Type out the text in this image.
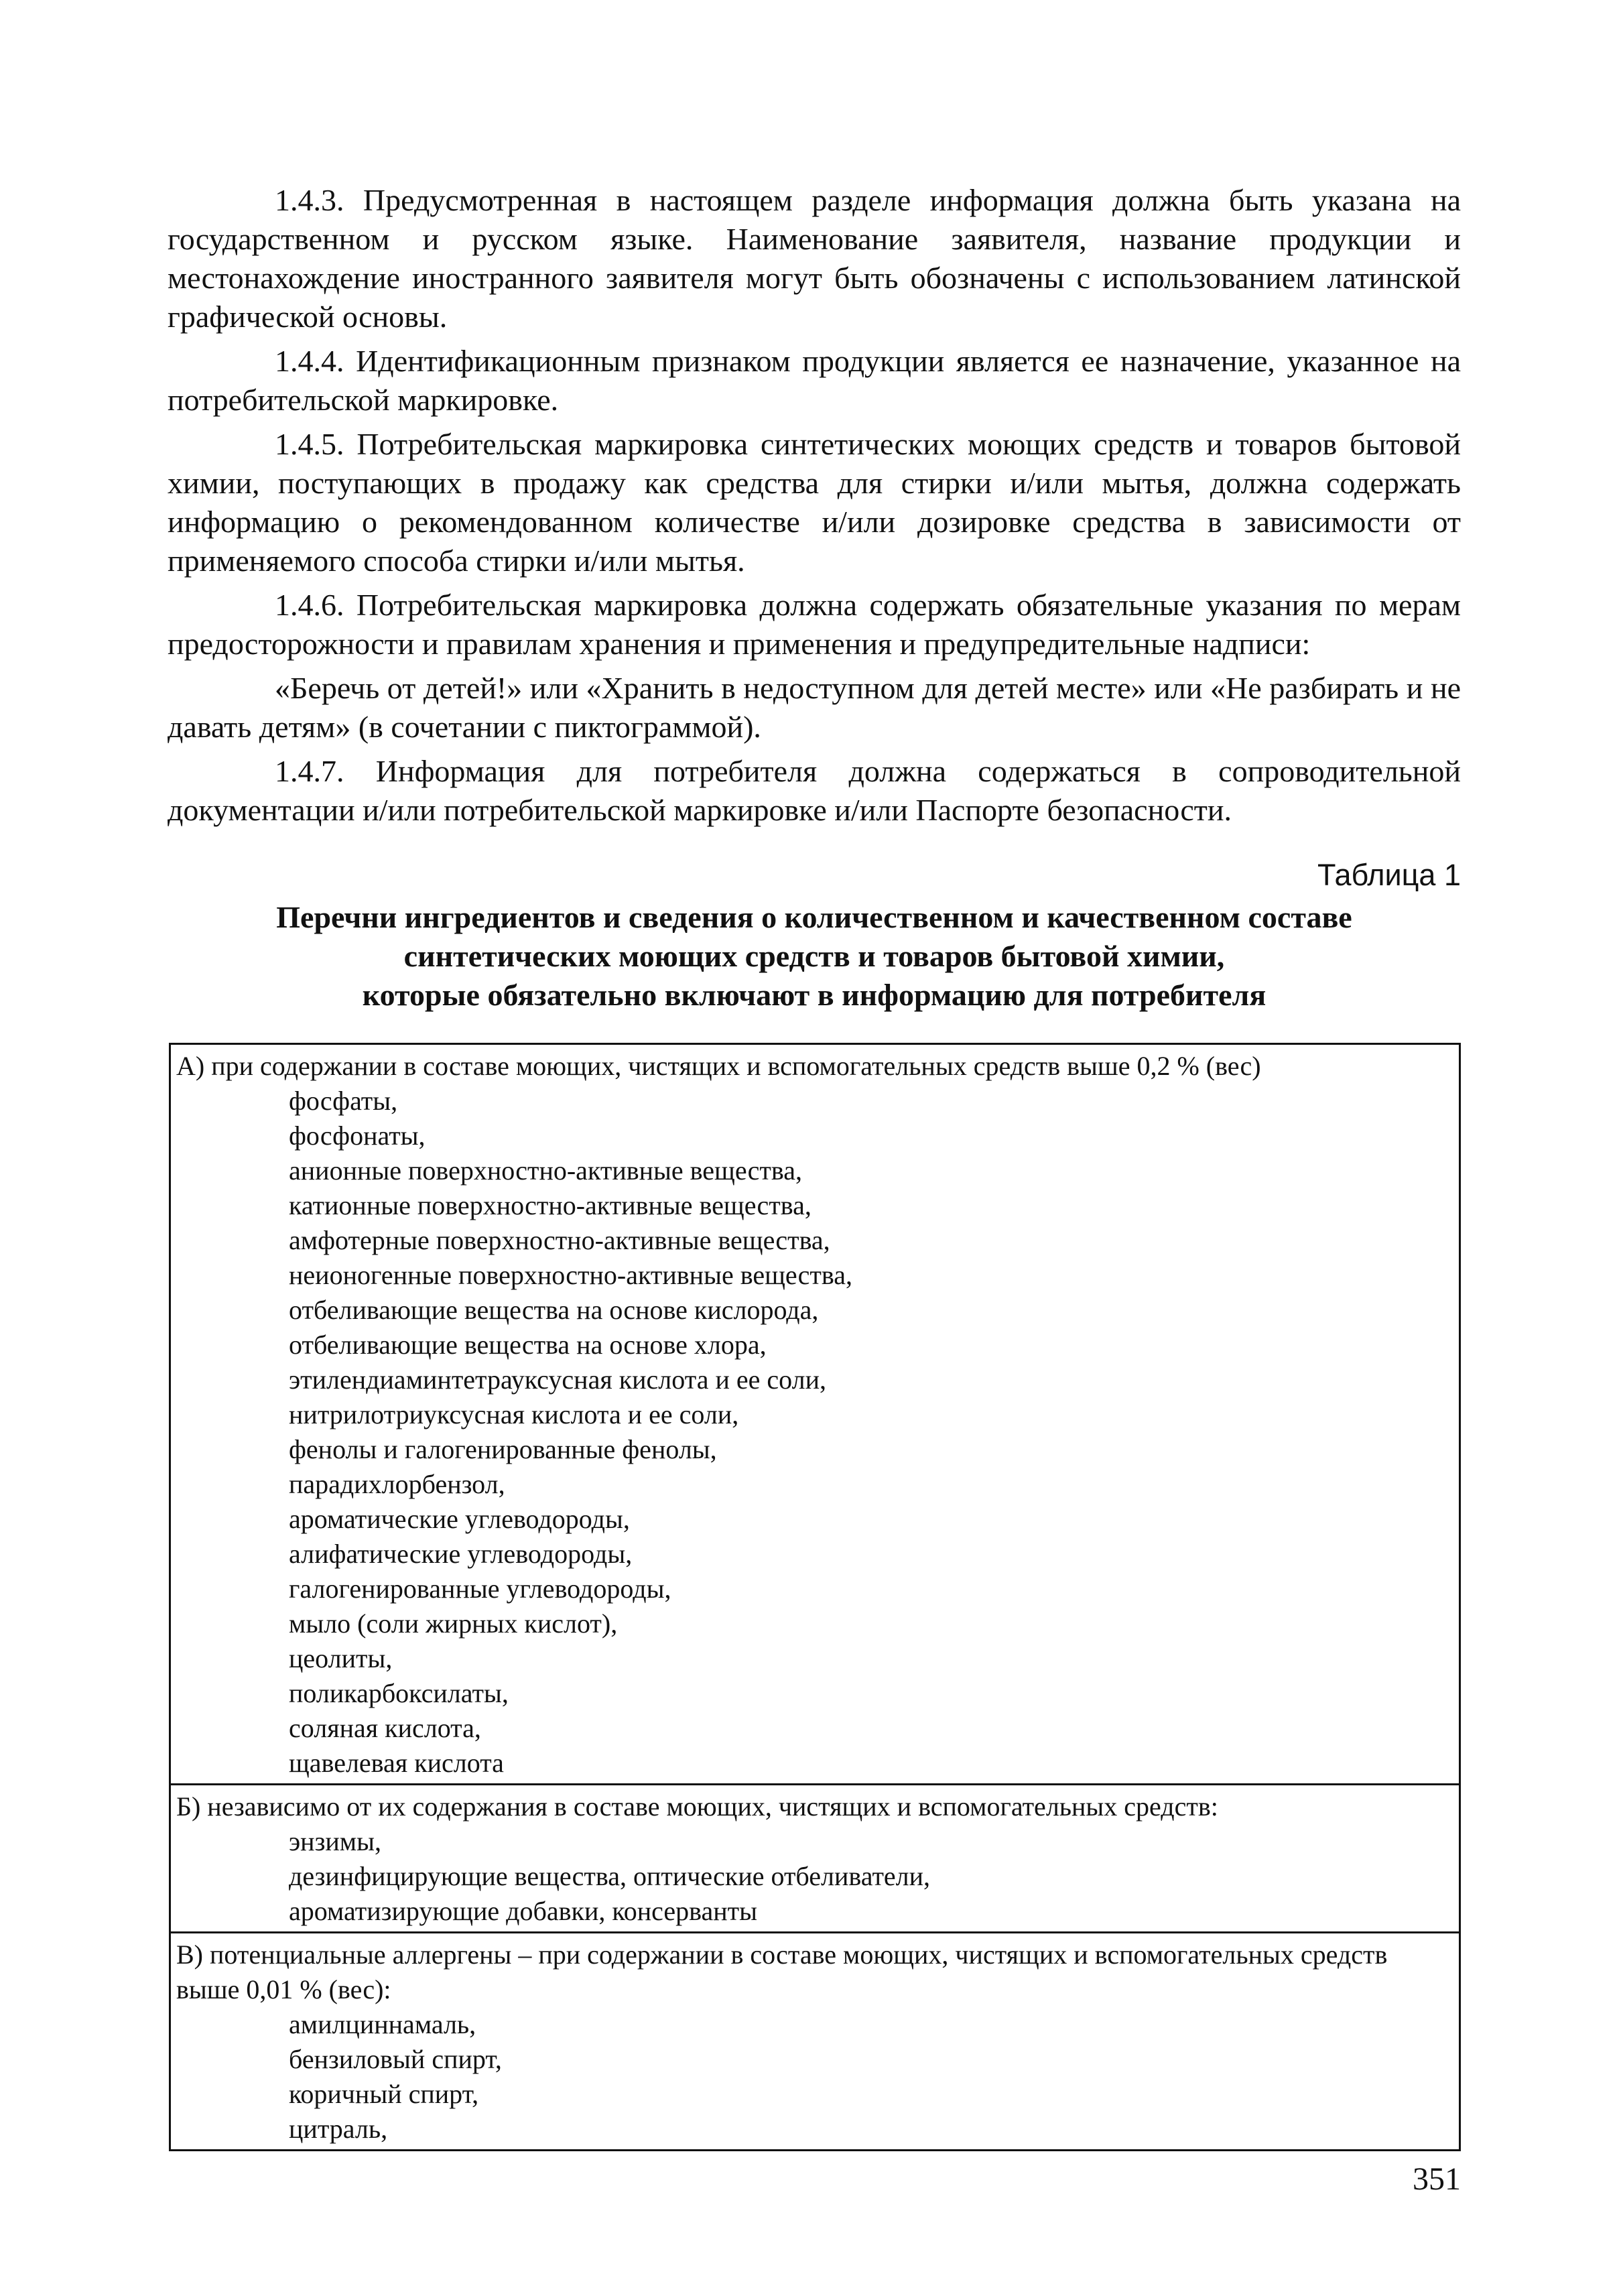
1.4.3. Предусмотренная в настоящем разделе информация должна быть указана на государственном и русском языке. Наименование заявителя, название продукции и местонахождение иностранного заявителя могут быть обозначены с использованием латинской графической основы.

1.4.4. Идентификационным признаком продукции является ее назначение, указанное на потребительской маркировке.

1.4.5. Потребительская маркировка синтетических моющих средств и товаров бытовой химии, поступающих в продажу как средства для стирки и/или мытья, должна содержать информацию о рекомендованном количестве и/или дозировке средства в зависимости от применяемого способа стирки и/или мытья.

1.4.6. Потребительская маркировка должна содержать обязательные указания по мерам предосторожности и правилам хранения и применения и предупредительные надписи:

«Беречь от детей!» или «Хранить в недоступном для детей месте» или «Не разбирать и не давать детям» (в сочетании с пиктограммой).

1.4.7. Информация для потребителя должна содержаться в сопроводительной документации и/или потребительской маркировке и/или Паспорте безопасности.

Таблица 1

Перечни ингредиентов и сведения о количественном и качественном составе
синтетических моющих средств и товаров бытовой химии,
которые обязательно включают в информацию для потребителя

А) при содержании в составе моющих, чистящих и вспомогательных средств выше 0,2 % (вес)
фосфаты,
фосфонаты,
анионные поверхностно-активные вещества,
катионные поверхностно-активные вещества,
амфотерные поверхностно-активные вещества,
неионогенные поверхностно-активные вещества,
отбеливающие вещества на основе кислорода,
отбеливающие вещества на основе хлора,
этилендиаминтетрауксусная кислота и ее соли,
нитрилотриуксусная кислота и ее соли,
фенолы и галогенированные фенолы,
парадихлорбензол,
ароматические углеводороды,
алифатические углеводороды,
галогенированные углеводороды,
мыло (соли жирных кислот),
цеолиты,
поликарбоксилаты,
соляная кислота,
щавелевая кислота

Б) независимо от их содержания в составе моющих, чистящих и вспомогательных средств:
энзимы,
дезинфицирующие вещества, оптические отбеливатели,
ароматизирующие добавки, консерванты

В) потенциальные аллергены – при содержании в составе моющих, чистящих и вспомогательных средств выше 0,01 % (вес):
амилциннамаль,
бензиловый спирт,
коричный спирт,
цитраль,
351
